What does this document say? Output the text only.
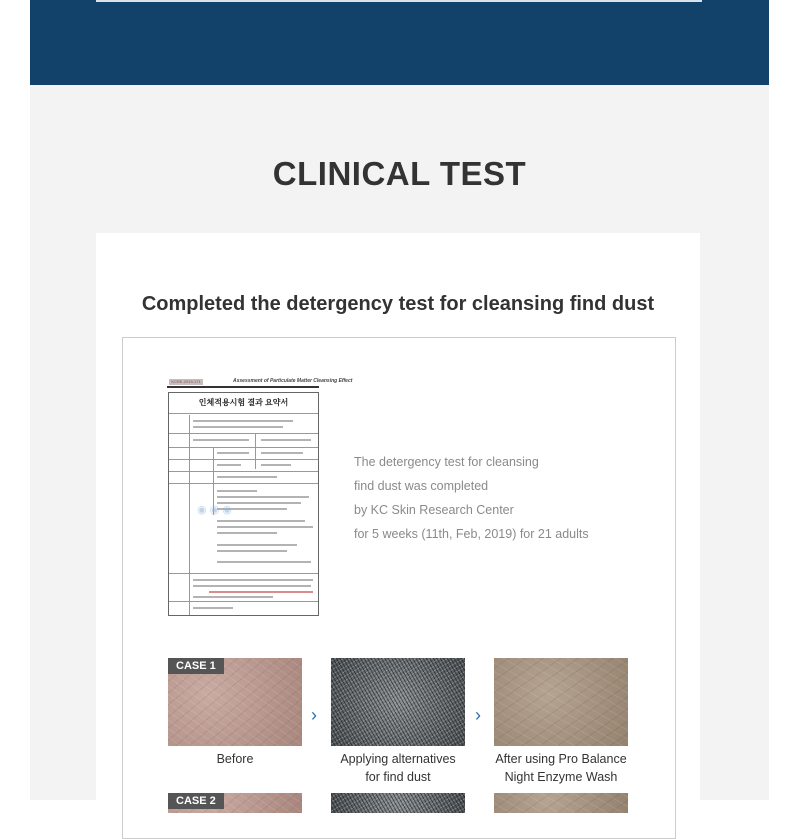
CLINICAL TEST
Completed the detergency test for cleansing find dust
KCRE-2019-171	Assessment of Particulate Matter Cleansing Effect
인체적용시험 결과 요약서
◉ ◉ ◉
The detergency test for cleansing
find dust was completed
by KC Skin Research Center
for 5 weeks (11th, Feb, 2019) for 21 adults
CASE 1
›	›
Before	Applying alternatives
for find dust
After using Pro Balance
Night Enzyme Wash
CASE 2
